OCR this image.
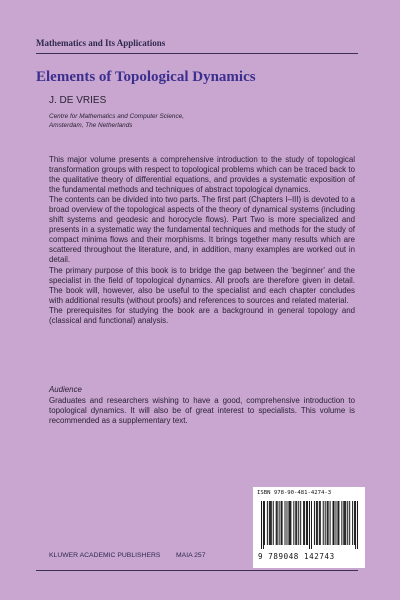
Mathematics and Its Applications
Elements of Topological Dynamics
J. DE VRIES
Centre for Mathematics and Computer Science,
Amsterdam, The Netherlands

This major volume presents a comprehensive introduction to the study of topological transformation groups with respect to topological problems which can be traced back to the qualitative theory of differential equations, and provides a systematic exposition of the fundamental methods and techniques of abstract topological dynamics.

The contents can be divided into two parts. The first part (Chapters I–III) is devoted to a broad overview of the topological aspects of the theory of dynamical systems (including shift systems and geodesic and horocycle flows). Part Two is more specialized and presents in a systematic way the fundamental techniques and methods for the study of compact minima flows and their morphisms. It brings together many results which are scattered throughout the literature, and, in addition, many examples are worked out in detail.

The primary purpose of this book is to bridge the gap between the 'beginner' and the specialist in the field of topological dynamics. All proofs are therefore given in detail. The book will, however, also be useful to the specialist and each chapter concludes with additional results (without proofs) and references to sources and related material.

The prerequisites for studying the book are a background in general topology and (classical and functional) analysis.

Audience
Graduates and researchers wishing to have a good, comprehensive introduction to topological dynamics. It will also be of great interest to specialists. This volume is recommended as a supplementary text.
ISBN 978-90-481-4274-3
9 789048 142743
KLUWER ACADEMIC PUBLISHERS MAIA 257
